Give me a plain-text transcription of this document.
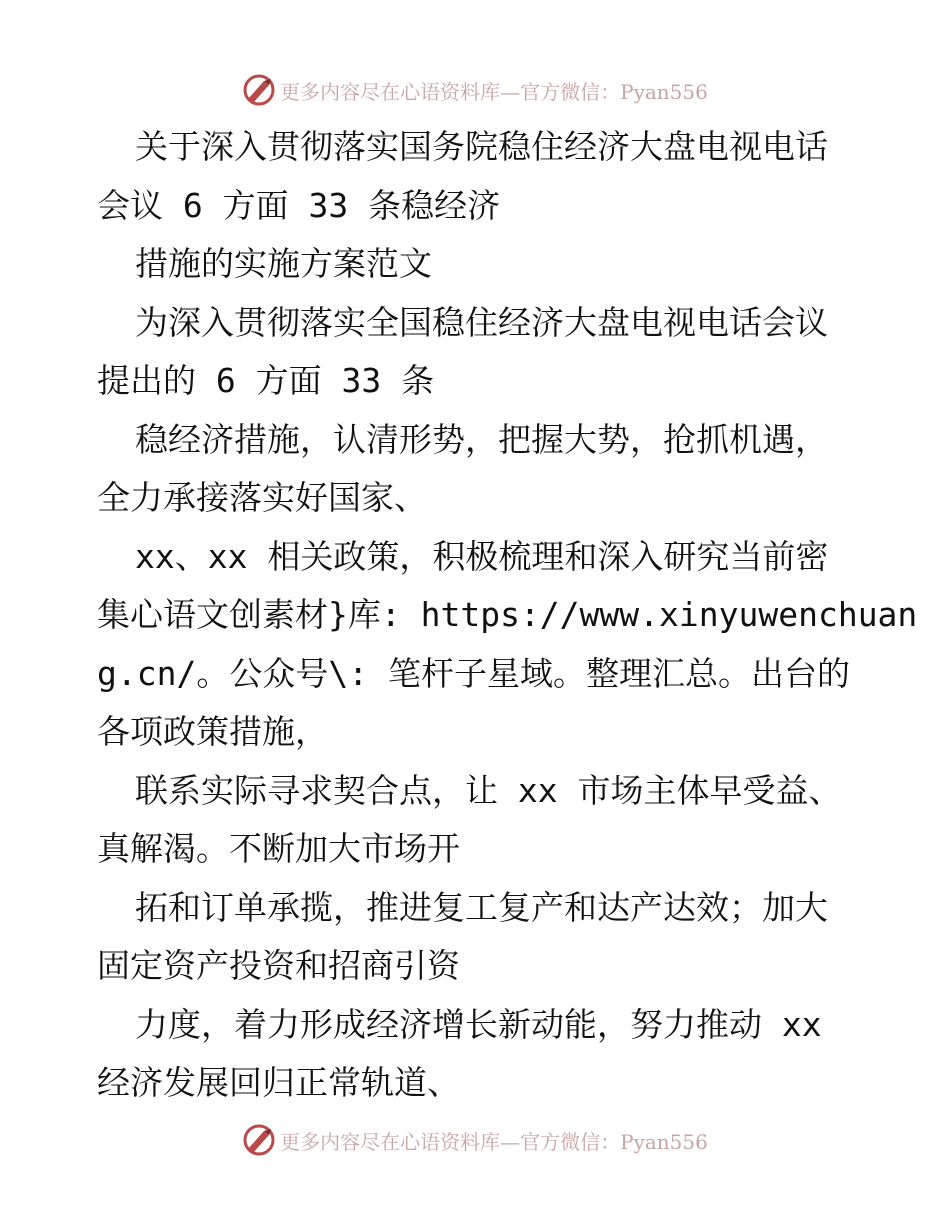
更多内容尽在心语资料库—官方微信：Pyan556
关于深入贯彻落实国务院稳住经济大盘电视电话
会议 6 方面 33 条稳经济
措施的实施方案范文
为深入贯彻落实全国稳住经济大盘电视电话会议
提出的 6 方面 33 条
稳经济措施，认清形势，把握大势，抢抓机遇，
全力承接落实好国家、
xx、xx 相关政策，积极梳理和深入研究当前密
集心语文创素材}库: https://www.xinyuwenchuan
g.cn/。公众号\: 笔杆子星域。整理汇总。出台的
各项政策措施，
联系实际寻求契合点，让 xx 市场主体早受益、
真解渴。不断加大市场开
拓和订单承揽，推进复工复产和达产达效；加大
固定资产投资和招商引资
力度，着力形成经济增长新动能，努力推动 xx
经济发展回归正常轨道、
更多内容尽在心语资料库—官方微信：Pyan556
